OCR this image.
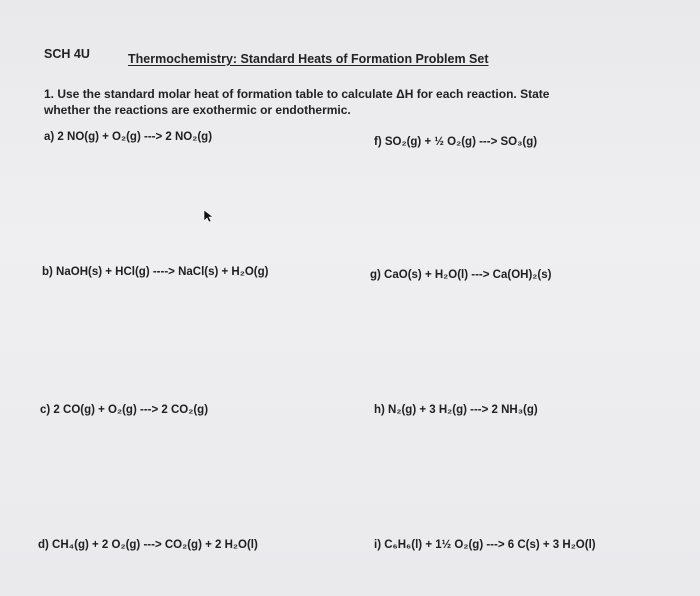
SCH 4U	Thermochemistry: Standard Heats of Formation Problem Set
1. Use the standard molar heat of formation table to calculate ΔH for each reaction. State
whether the reactions are exothermic or endothermic.
a) 2 NO(g) + O₂(g) ---> 2 NO₂(g)	f) SO₂(g) + ½ O₂(g) ---> SO₃(g)
b) NaOH(s) + HCl(g) ----> NaCl(s) + H₂O(g)	g) CaO(s) + H₂O(l) ---> Ca(OH)₂(s)
c) 2 CO(g) + O₂(g) ---> 2 CO₂(g)	h) N₂(g) + 3 H₂(g) ---> 2 NH₃(g)
d) CH₄(g) + 2 O₂(g) ---> CO₂(g) + 2 H₂O(l)	i) C₆H₆(l) + 1½ O₂(g) ---> 6 C(s) + 3 H₂O(l)
